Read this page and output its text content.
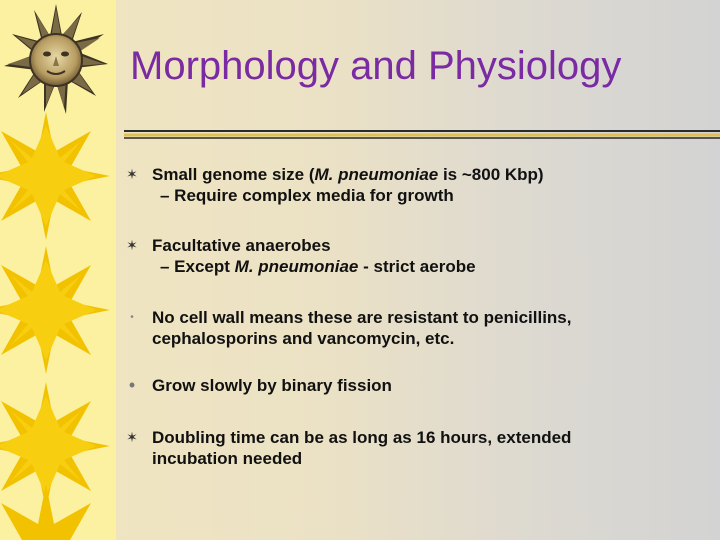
Morphology and Physiology
✶ Small genome size (M. pneumoniae is ~800 Kbp)
– Require complex media for growth
✶ Facultative anaerobes
– Except M. pneumoniae - strict aerobe
•	No cell wall means these are resistant to penicillins,
cephalosporins and vancomycin, etc.
• Grow slowly by binary fission
✶ Doubling time can be as long as 16 hours, extended
incubation needed
